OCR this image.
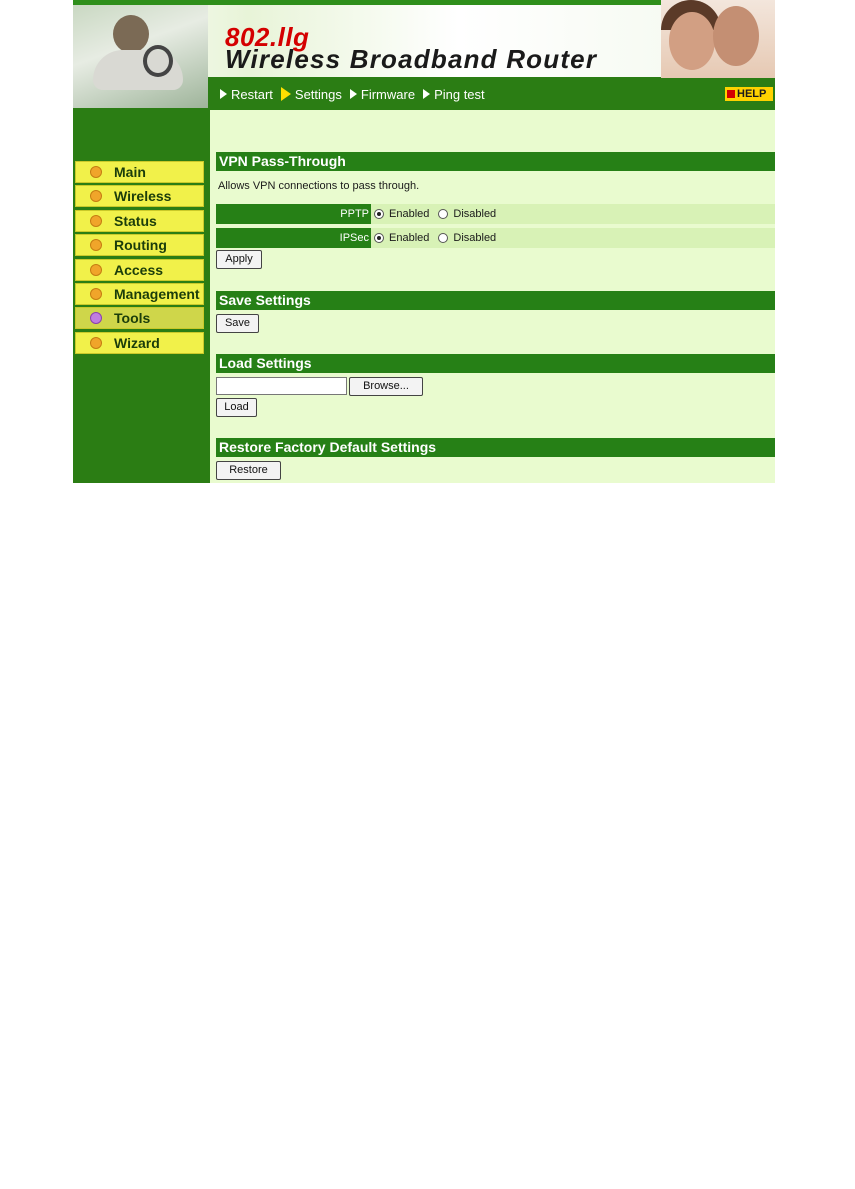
802.llg
Wireless Broadband Router
Restart Settings Firmware Ping test	HELP
Main
Wireless
Status
Routing
Access
Management
Tools
Wizard
VPN Pass-Through
Allows VPN connections to pass through.
PPTP Enabled Disabled
IPSec Enabled Disabled
Apply
Save Settings
Save
Load Settings
Browse...
Load
Restore Factory Default Settings
Restore
